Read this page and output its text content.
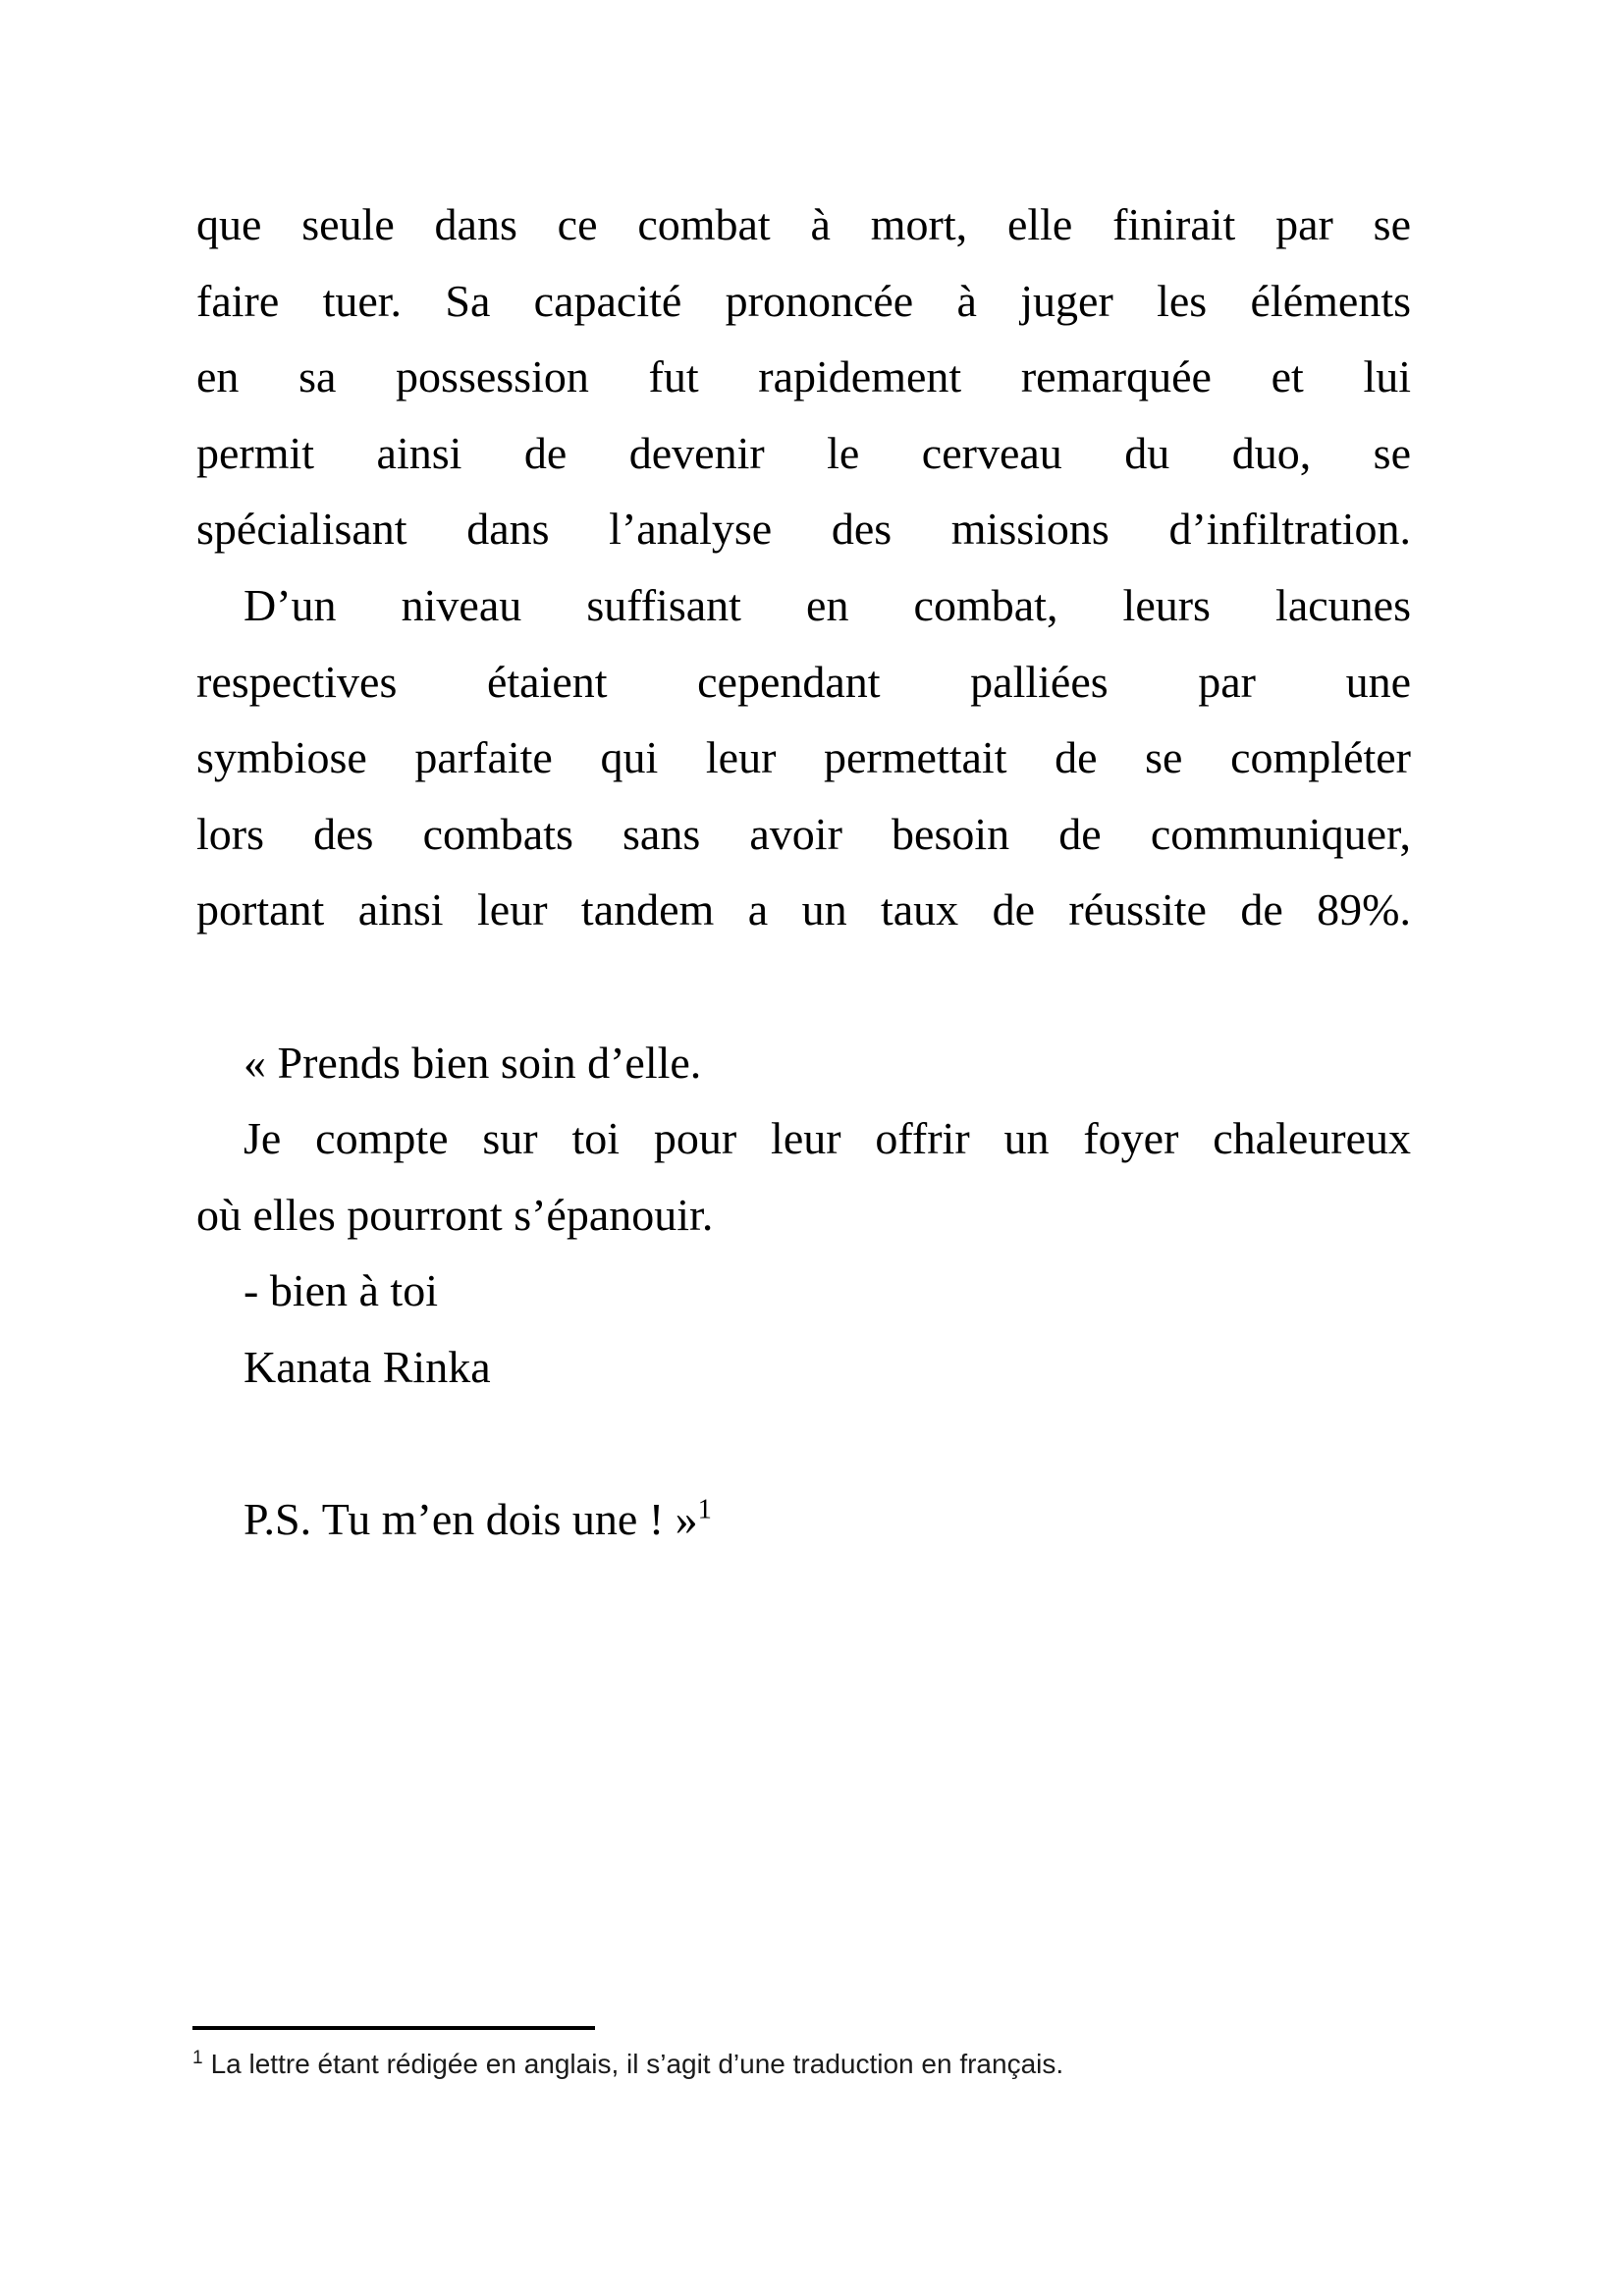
que seule dans ce combat à mort, elle finirait par se
faire tuer. Sa capacité prononcée à juger les éléments
en sa possession fut rapidement remarquée et lui
permit ainsi de devenir le cerveau du duo, se
spécialisant dans l’analyse des missions d’infiltration.
D’un niveau suffisant en combat, leurs lacunes
respectives étaient cependant palliées par une
symbiose parfaite qui leur permettait de se compléter
lors des combats sans avoir besoin de communiquer,
portant ainsi leur tandem a un taux de réussite de 89%.
« Prends bien soin d’elle.
Je compte sur toi pour leur offrir un foyer chaleureux
où elles pourront s’épanouir.
- bien à toi
Kanata Rinka
P.S. Tu m’en dois une ! »$^1$
$^1$ La lettre étant rédigée en anglais, il s’agit d’une traduction en français.
